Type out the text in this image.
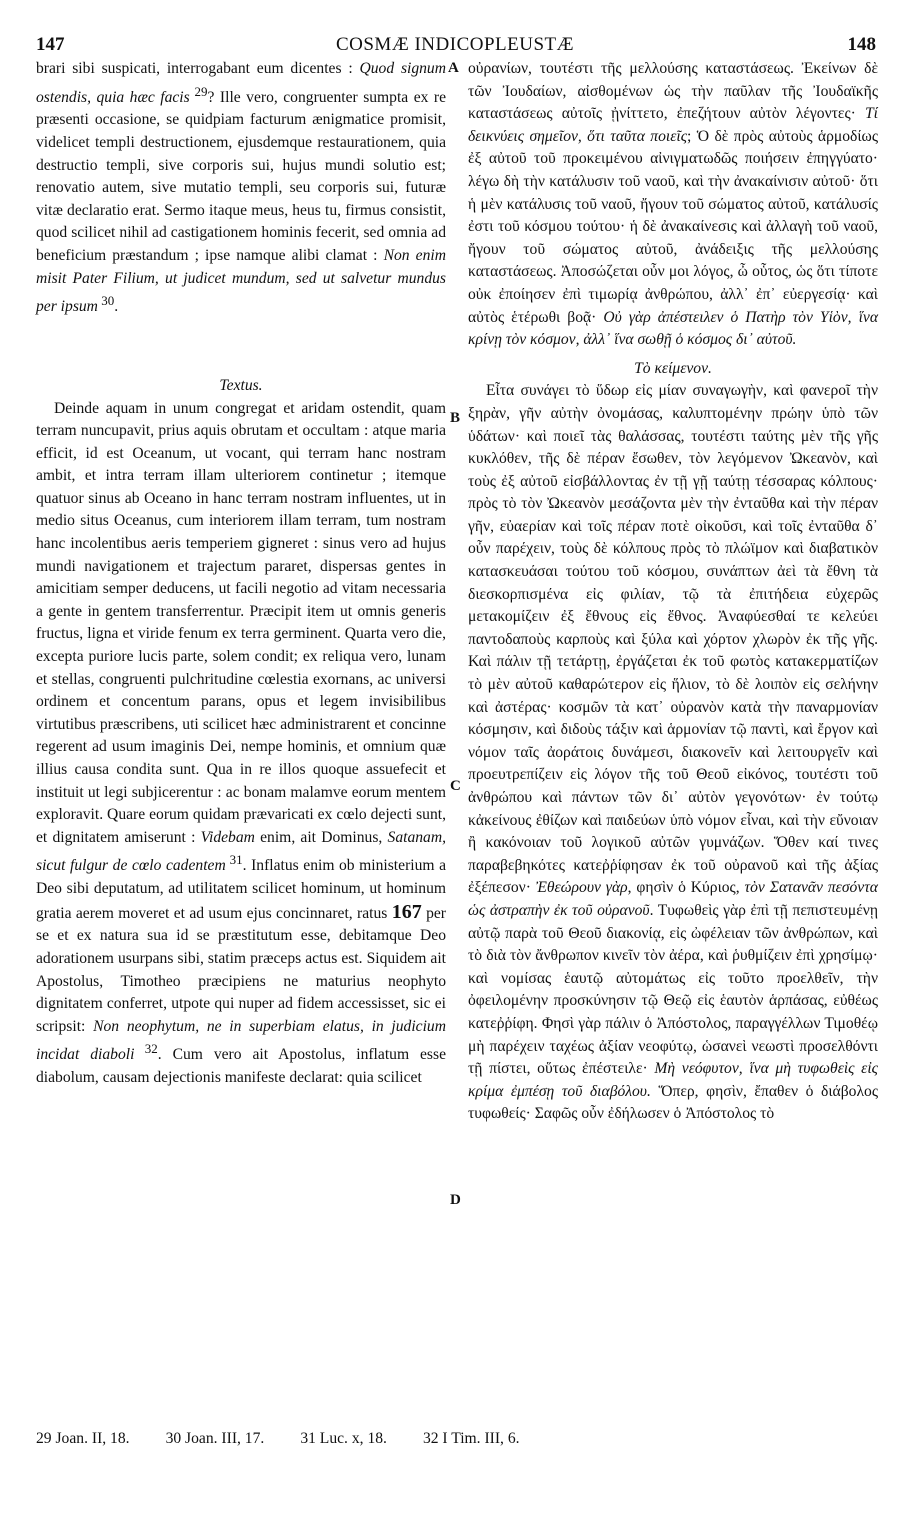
147	COSMÆ INDICOPLEUSTÆ	148

brari sibi suspicati, interrogabant eum dicentes : Quod signum ostendis, quia hæc facis $^{29}$? Ille vero, congruenter sumpta ex re præsenti occasione, se quidpiam facturum ænigmatice promisit, videlicet templi destructionem, ejusdemque restaurationem, quia destructio templi, sive corporis sui, hujus mundi solutio est; renovatio autem, sive mutatio templi, seu corporis sui, futuræ vitæ declaratio erat. Sermo itaque meus, heus tu, firmus consistit, quod scilicet nihil ad castigationem hominis fecerit, sed omnia ad beneficium præstandum ; ipse namque alibi clamat : Non enim misit Pater Filium, ut judicet mundum, sed ut salvetur mundus per ipsum $^{30}$.

Textus.

Deinde aquam in unum congregat et aridam ostendit, quam terram nuncupavit, prius aquis obrutam et occultam : atque maria efficit, id est Oceanum, ut vocant, qui terram hanc nostram ambit, et intra terram illam ulteriorem continetur ; itemque quatuor sinus ab Oceano in hanc terram nostram influentes, ut in medio situs Oceanus, cum interiorem illam terram, tum nostram hanc incolentibus aeris temperiem gigneret : sinus vero ad hujus mundi navigationem et trajectum pararet, dispersas gentes in amicitiam semper deducens, ut facili negotio ad vitam necessaria a gente in gentem transferrentur. Præcipit item ut omnis generis fructus, ligna et viride fenum ex terra germinent. Quarta vero die, excepta puriore lucis parte, solem condit; ex reliqua vero, lunam et stellas, congruenti pulchritudine cœlestia exornans, ac universi ordinem et concentum parans, opus et legem invisibilibus virtutibus præscribens, uti scilicet hæc administrarent et concinne regerent ad usum imaginis Dei, nempe hominis, et omnium quæ illius causa condita sunt. Qua in re illos quoque assuefecit et instituit ut legi subjicerentur : ac bonam malamve eorum mentem exploravit. Quare eorum quidam prævaricati ex cœlo dejecti sunt, et dignitatem amiserunt : Videbam enim, ait Dominus, Satanam, sicut fulgur de cœlo cadentem $^{31}$. Inflatus enim ob ministerium a Deo sibi deputatum, ad utilitatem scilicet hominum, ut hominum gratia aerem moveret et ad usum ejus concinnaret, ratus 167 per se et ex natura sua id se præstitutum esse, debitamque Deo adorationem usurpans sibi, statim præceps actus est. Siquidem ait Apostolus, Timotheo præcipiens ne maturius neophyto dignitatem conferret, utpote qui nuper ad fidem accessisset, sic ei scripsit: Non neophytum, ne in superbiam elatus, in judicium incidat diaboli $^{32}$. Cum vero ait Apostolus, inflatum esse diabolum, causam dejectionis manifeste declarat: quia scilicet

A
B
C
D

οὐρανίων, τουτέστι τῆς μελλούσης καταστάσεως. Ἐκείνων δὲ τῶν Ἰουδαίων, αἰσθομένων ὡς τὴν παῦλαν τῆς Ἰουδαϊκῆς καταστάσεως αὐτοῖς ᾐνίττετο, ἐπεζήτουν αὐτὸν λέγοντες· Τί δεικνύεις σημεῖον, ὅτι ταῦτα ποιεῖς; Ὁ δὲ πρὸς αὐτοὺς ἁρμοδίως ἐξ αὐτοῦ τοῦ προκειμένου αἰνιγματωδῶς ποιήσειν ἐπηγγύατο· λέγω δὴ τὴν κατάλυσιν τοῦ ναοῦ, καὶ τὴν ἀνακαίνισιν αὐτοῦ· ὅτι ἡ μὲν κατάλυσις τοῦ ναοῦ, ἤγουν τοῦ σώματος αὐτοῦ, κατάλυσίς ἐστι τοῦ κόσμου τούτου· ἡ δὲ ἀνακαίνεσις καὶ ἀλλαγὴ τοῦ ναοῦ, ἤγουν τοῦ σώματος αὐτοῦ, ἀνάδειξις τῆς μελλούσης καταστάσεως. Ἀποσώζεται οὖν μοι λόγος, ὦ οὗτος, ὡς ὅτι τίποτε οὐκ ἐποίησεν ἐπὶ τιμωρίᾳ ἀνθρώπου, ἀλλ᾽ ἐπ᾽ εὐεργεσίᾳ· καὶ αὐτὸς ἑτέρωθι βοᾷ· Οὐ γὰρ ἀπέστειλεν ὁ Πατὴρ τὸν Υἱὸν, ἵνα κρίνῃ τὸν κόσμον, ἀλλ᾽ ἵνα σωθῇ ὁ κόσμος δι᾽ αὐτοῦ.

Τὸ κείμενον.

Εἶτα συνάγει τὸ ὕδωρ εἰς μίαν συναγωγὴν, καὶ φανεροῖ τὴν ξηρὰν, γῆν αὐτὴν ὀνομάσας, καλυπτομένην πρώην ὑπὸ τῶν ὑδάτων· καὶ ποιεῖ τὰς θαλάσσας, τουτέστι ταύτης μὲν τῆς γῆς κυκλόθεν, τῆς δὲ πέραν ἔσωθεν, τὸν λεγόμενον Ὠκεανὸν, καὶ τοὺς ἐξ αὐτοῦ εἰσβάλλοντας ἐν τῇ γῇ ταύτῃ τέσσαρας κόλπους· πρὸς τὸ τὸν Ὠκεανὸν μεσάζοντα μὲν τὴν ἐνταῦθα καὶ τὴν πέραν γῆν, εὐαερίαν καὶ τοῖς πέραν ποτὲ οἰκοῦσι, καὶ τοῖς ἐνταῦθα δ᾽ οὖν παρέχειν, τοὺς δὲ κόλπους πρὸς τὸ πλώϊμον καὶ διαβατικὸν κατασκευάσαι τούτου τοῦ κόσμου, συνάπτων ἀεὶ τὰ ἔθνη τὰ διεσκορπισμένα εἰς φιλίαν, τῷ τὰ ἐπιτήδεια εὐχερῶς μετακομίζειν ἐξ ἔθνους εἰς ἔθνος. Ἀναφύεσθαί τε κελεύει παντοδαποὺς καρποὺς καὶ ξύλα καὶ χόρτον χλωρὸν ἐκ τῆς γῆς. Καὶ πάλιν τῇ τετάρτῃ, ἐργάζεται ἐκ τοῦ φωτὸς κατακερματίζων τὸ μὲν αὐτοῦ καθαρώτερον εἰς ἥλιον, τὸ δὲ λοιπὸν εἰς σελήνην καὶ ἀστέρας· κοσμῶν τὰ κατ᾽ οὐρανὸν κατὰ τὴν παναρμονίαν κόσμησιν, καὶ διδοὺς τάξιν καὶ ἁρμονίαν τῷ παντὶ, καὶ ἔργον καὶ νόμον ταῖς ἀοράτοις δυνάμεσι, διακονεῖν καὶ λειτουργεῖν καὶ προευτρεπίζειν εἰς λόγον τῆς τοῦ Θεοῦ εἰκόνος, τουτέστι τοῦ ἀνθρώπου καὶ πάντων τῶν δι᾽ αὐτὸν γεγονότων· ἐν τούτῳ κἀκείνους ἐθίζων καὶ παιδεύων ὑπὸ νόμον εἶναι, καὶ τὴν εὔνοιαν ἢ κακόνοιαν τοῦ λογικοῦ αὐτῶν γυμνάζων. Ὅθεν καί τινες παραβεβηκότες κατεῤῥίφησαν ἐκ τοῦ οὐρανοῦ καὶ τῆς ἀξίας ἐξέπεσον· Ἐθεώρουν γὰρ, φησὶν ὁ Κύριος, τὸν Σατανᾶν πεσόντα ὡς ἀστραπὴν ἐκ τοῦ οὐρανοῦ. Τυφωθεὶς γὰρ ἐπὶ τῇ πεπιστευμένῃ αὐτῷ παρὰ τοῦ Θεοῦ διακονίᾳ, εἰς ὠφέλειαν τῶν ἀνθρώπων, καὶ τὸ διὰ τὸν ἄνθρωπον κινεῖν τὸν ἀέρα, καὶ ῥυθμίζειν ἐπὶ χρησίμῳ· καὶ νομίσας ἑαυτῷ αὐτομάτως εἰς τοῦτο προελθεῖν, τὴν ὀφειλομένην προσκύνησιν τῷ Θεῷ εἰς ἑαυτὸν ἁρπάσας, εὐθέως κατεῤῥίφη. Φησὶ γὰρ πάλιν ὁ Ἀπόστολος, παραγγέλλων Τιμοθέῳ μὴ παρέχειν ταχέως ἀξίαν νεοφύτῳ, ὡσανεὶ νεωστὶ προσελθόντι τῇ πίστει, οὕτως ἐπέστειλε· Μὴ νεόφυτον, ἵνα μὴ τυφωθεὶς εἰς κρίμα ἐμπέσῃ τοῦ διαβόλου. Ὅπερ, φησὶν, ἔπαθεν ὁ διάβολος τυφωθείς· Σαφῶς οὖν ἐδήλωσεν ὁ Ἀπόστολος τὸ

29 Joan. II, 18. 30 Joan. III, 17. 31 Luc. x, 18. 32 I Tim. III, 6.
